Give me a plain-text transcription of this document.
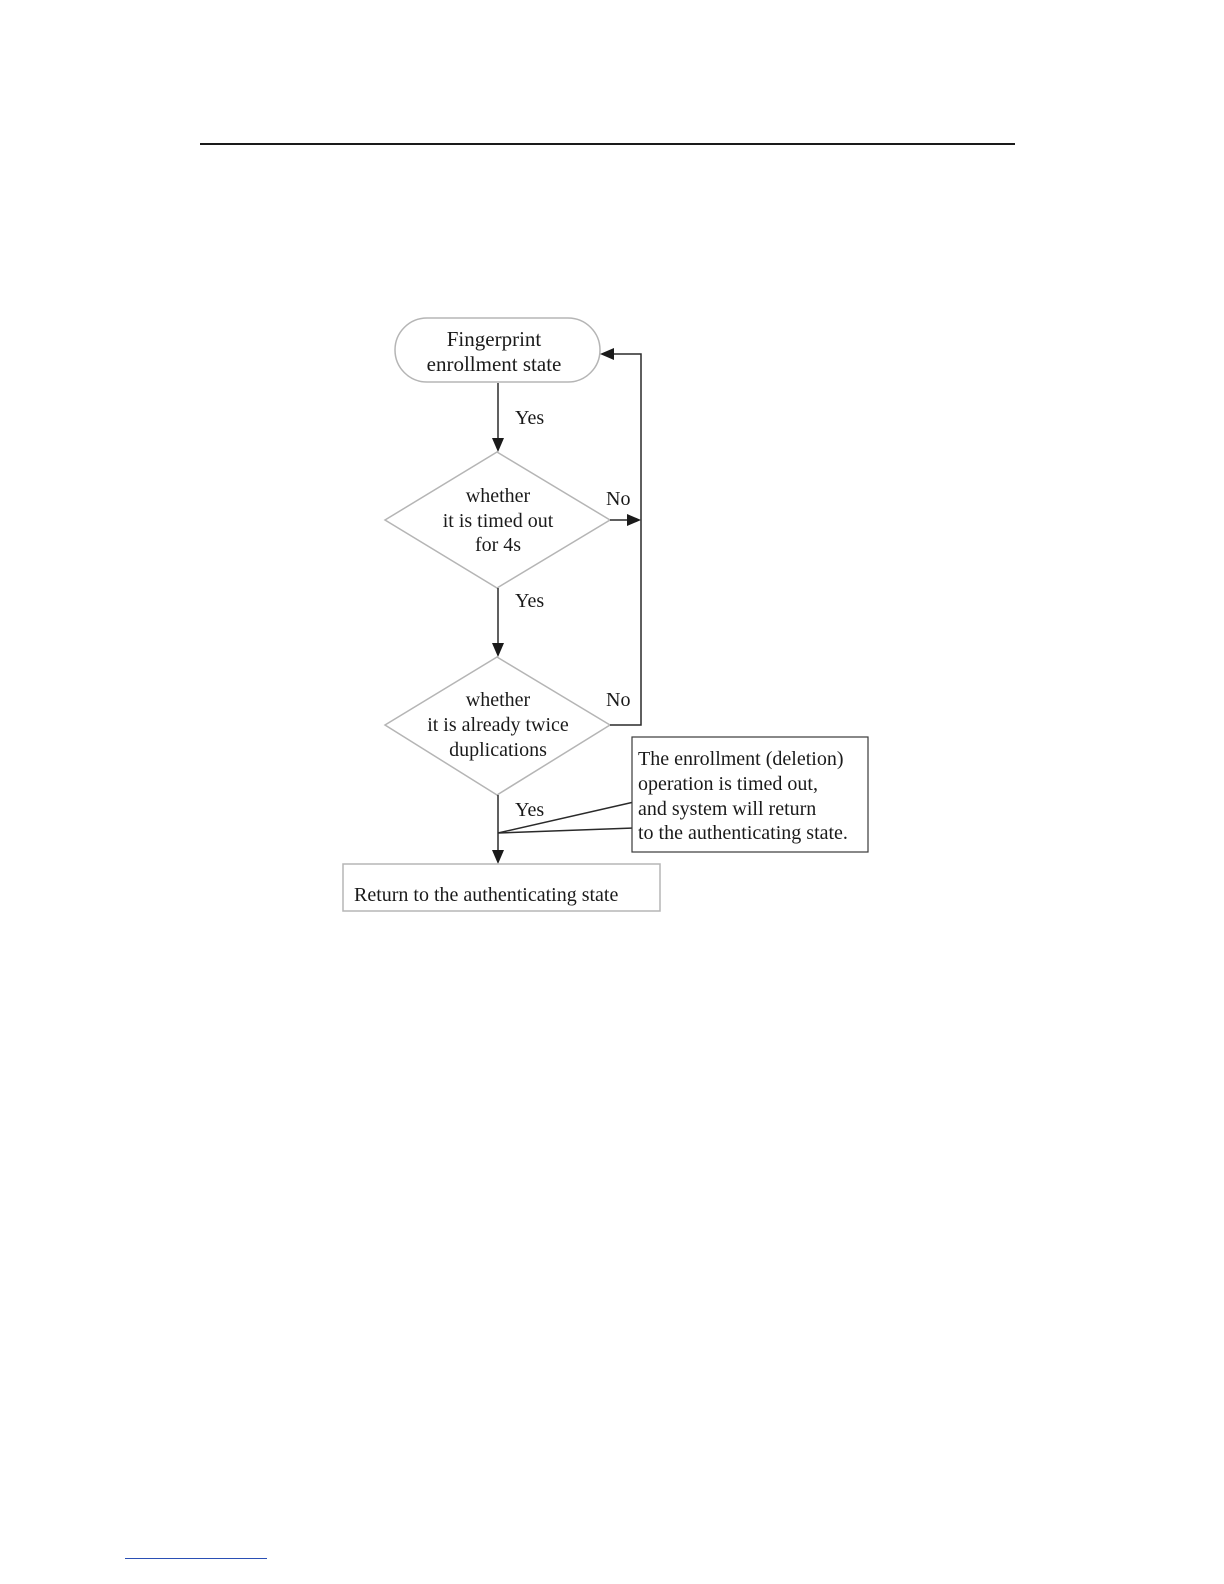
Fingerprint
enrollment state
Yes
whether
it is timed out
for 4s
No
Yes
whether
it is already twice
duplications
No
Yes
The enrollment (deletion)
operation is timed out,
and system will return
to the authenticating state.
Return to the authenticating state
